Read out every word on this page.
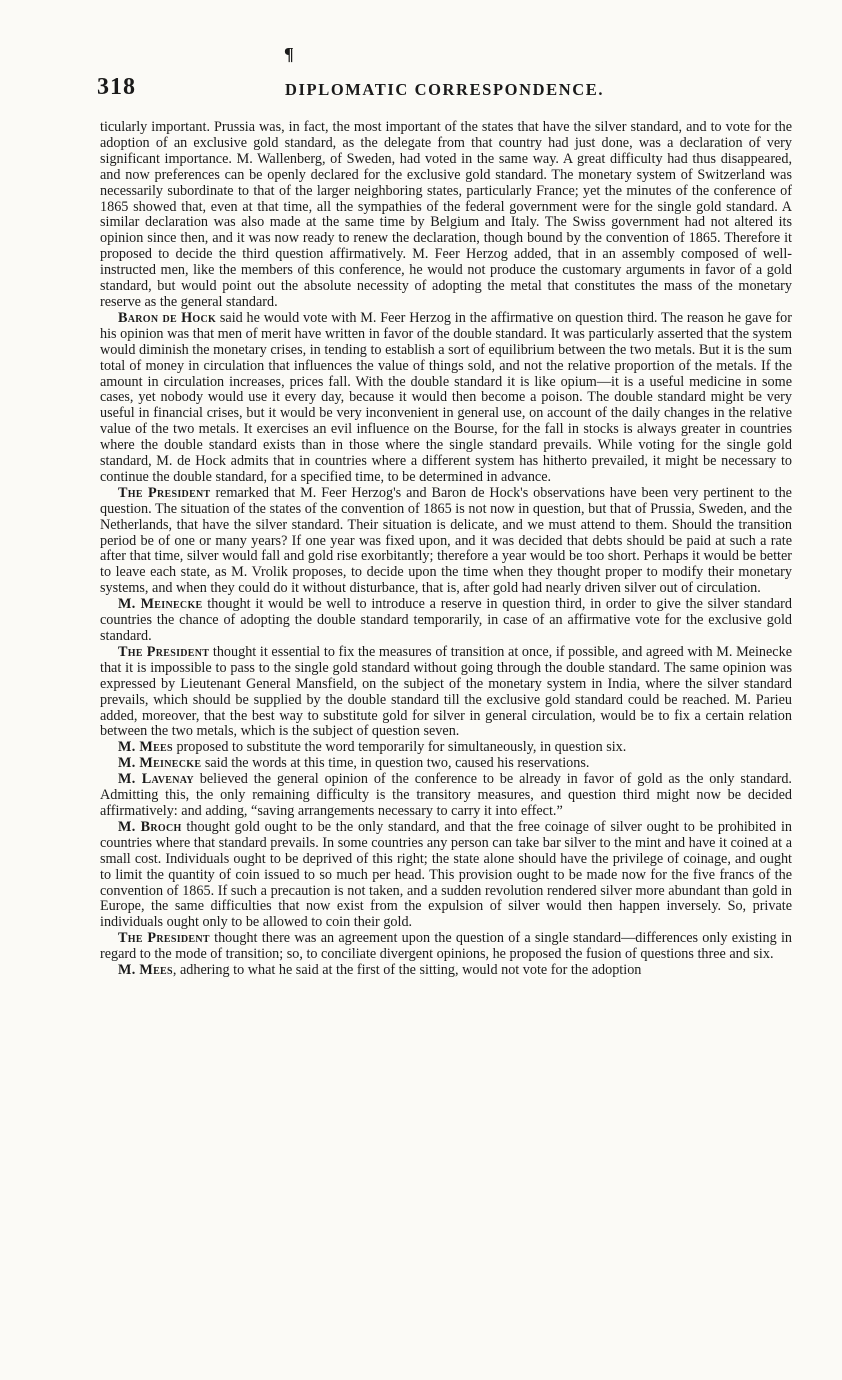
¶
318	DIPLOMATIC CORRESPONDENCE.

ticularly important. Prussia was, in fact, the most important of the states that have the silver standard, and to vote for the adoption of an exclusive gold standard, as the delegate from that country had just done, was a declaration of very significant importance. M. Wallenberg, of Sweden, had voted in the same way. A great difficulty had thus disappeared, and now preferences can be openly declared for the exclusive gold standard. The monetary system of Switzerland was necessarily subordinate to that of the larger neighboring states, particularly France; yet the minutes of the conference of 1865 showed that, even at that time, all the sympathies of the federal government were for the single gold standard. A similar declaration was also made at the same time by Belgium and Italy. The Swiss government had not altered its opinion since then, and it was now ready to renew the declaration, though bound by the convention of 1865. Therefore it proposed to decide the third question affirmatively. M. Feer Herzog added, that in an assembly composed of well-instructed men, like the members of this conference, he would not produce the customary arguments in favor of a gold standard, but would point out the absolute necessity of adopting the metal that constitutes the mass of the monetary reserve as the general standard.

Baron de Hock said he would vote with M. Feer Herzog in the affirmative on question third. The reason he gave for his opinion was that men of merit have written in favor of the double standard. It was particularly asserted that the system would diminish the monetary crises, in tending to establish a sort of equilibrium between the two metals. But it is the sum total of money in circulation that influences the value of things sold, and not the relative proportion of the metals. If the amount in circulation increases, prices fall. With the double standard it is like opium—it is a useful medicine in some cases, yet nobody would use it every day, because it would then become a poison. The double standard might be very useful in financial crises, but it would be very inconvenient in general use, on account of the daily changes in the relative value of the two metals. It exercises an evil influence on the Bourse, for the fall in stocks is always greater in countries where the double standard exists than in those where the single standard prevails. While voting for the single gold standard, M. de Hock admits that in countries where a different system has hitherto prevailed, it might be necessary to continue the double standard, for a specified time, to be determined in advance.

The President remarked that M. Feer Herzog's and Baron de Hock's observations have been very pertinent to the question. The situation of the states of the convention of 1865 is not now in question, but that of Prussia, Sweden, and the Netherlands, that have the silver standard. Their situation is delicate, and we must attend to them. Should the transition period be of one or many years? If one year was fixed upon, and it was decided that debts should be paid at such a rate after that time, silver would fall and gold rise exorbitantly; therefore a year would be too short. Perhaps it would be better to leave each state, as M. Vrolik proposes, to decide upon the time when they thought proper to modify their monetary systems, and when they could do it without disturbance, that is, after gold had nearly driven silver out of circulation.

M. Meinecke thought it would be well to introduce a reserve in question third, in order to give the silver standard countries the chance of adopting the double standard temporarily, in case of an affirmative vote for the exclusive gold standard.

The President thought it essential to fix the measures of transition at once, if possible, and agreed with M. Meinecke that it is impossible to pass to the single gold standard without going through the double standard. The same opinion was expressed by Lieutenant General Mansfield, on the subject of the monetary system in India, where the silver standard prevails, which should be supplied by the double standard till the exclusive gold standard could be reached. M. Parieu added, moreover, that the best way to substitute gold for silver in general circulation, would be to fix a certain relation between the two metals, which is the subject of question seven.

M. Mees proposed to substitute the word temporarily for simultaneously, in question six.

M. Meinecke said the words at this time, in question two, caused his reservations.

M. Lavenay believed the general opinion of the conference to be already in favor of gold as the only standard. Admitting this, the only remaining difficulty is the transitory measures, and question third might now be decided affirmatively: and adding, “saving arrangements necessary to carry it into effect.”

M. Broch thought gold ought to be the only standard, and that the free coinage of silver ought to be prohibited in countries where that standard prevails. In some countries any person can take bar silver to the mint and have it coined at a small cost. Individuals ought to be deprived of this right; the state alone should have the privilege of coinage, and ought to limit the quantity of coin issued to so much per head. This provision ought to be made now for the five francs of the convention of 1865. If such a precaution is not taken, and a sudden revolution rendered silver more abundant than gold in Europe, the same difficulties that now exist from the expulsion of silver would then happen inversely. So, private individuals ought only to be allowed to coin their gold.

The President thought there was an agreement upon the question of a single standard—differences only existing in regard to the mode of transition; so, to conciliate divergent opinions, he proposed the fusion of questions three and six.

M. Mees, adhering to what he said at the first of the sitting, would not vote for the adoption
